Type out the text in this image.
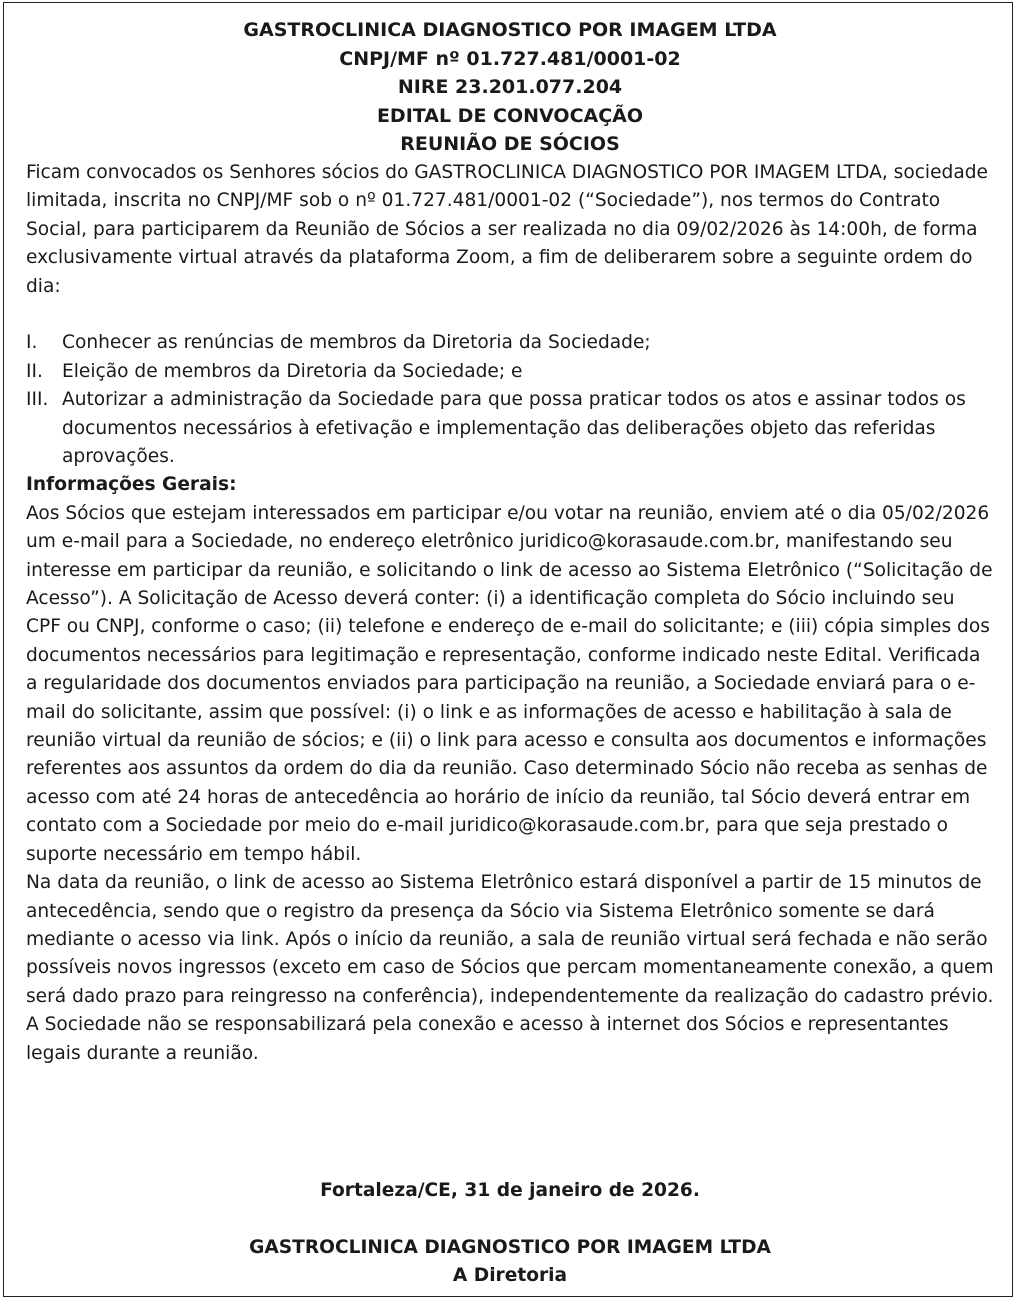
GASTROCLINICA DIAGNOSTICO POR IMAGEM LTDA
CNPJ/MF nº 01.727.481/0001-02
NIRE 23.201.077.204
EDITAL DE CONVOCAÇÃO
REUNIÃO DE SÓCIOS

Ficam convocados os Senhores sócios do GASTROCLINICA DIAGNOSTICO POR IMAGEM LTDA, sociedade limitada, inscrita no CNPJ/MF sob o nº 01.727.481/0001-02 (“Sociedade”), nos termos do Contrato Social, para participarem da Reunião de Sócios a ser realizada no dia 09/02/2026 às 14:00h, de forma exclusivamente virtual através da plataforma Zoom, a fim de deliberarem sobre a seguinte ordem do dia:

I.	Conhecer as renúncias de membros da Diretoria da Sociedade;
II.	Eleição de membros da Diretoria da Sociedade; e
III. Autorizar a administração da Sociedade para que possa praticar todos os atos e assinar todos os documentos necessários à efetivação e implementação das deliberações objeto das referidas aprovações.

Informações Gerais:

Aos Sócios que estejam interessados em participar e/ou votar na reunião, enviem até o dia 05/02/2026 um e-mail para a Sociedade, no endereço eletrônico juridico@korasaude.com.br, manifestando seu interesse em participar da reunião, e solicitando o link de acesso ao Sistema Eletrônico (“Solicitação de Acesso”). A Solicitação de Acesso deverá conter: (i) a identificação completa do Sócio incluindo seu CPF ou CNPJ, conforme o caso; (ii) telefone e endereço de e-mail do solicitante; e (iii) cópia simples dos documentos necessários para legitimação e representação, conforme indicado neste Edital. Verificada a regularidade dos documentos enviados para participação na reunião, a Sociedade enviará para o e-mail do solicitante, assim que possível: (i) o link e as informações de acesso e habilitação à sala de reunião virtual da reunião de sócios; e (ii) o link para acesso e consulta aos documentos e informações referentes aos assuntos da ordem do dia da reunião. Caso determinado Sócio não receba as senhas de acesso com até 24 horas de antecedência ao horário de início da reunião, tal Sócio deverá entrar em contato com a Sociedade por meio do e-mail juridico@korasaude.com.br, para que seja prestado o suporte necessário em tempo hábil.

Na data da reunião, o link de acesso ao Sistema Eletrônico estará disponível a partir de 15 minutos de antecedência, sendo que o registro da presença da Sócio via Sistema Eletrônico somente se dará mediante o acesso via link. Após o início da reunião, a sala de reunião virtual será fechada e não serão possíveis novos ingressos (exceto em caso de Sócios que percam momentaneamente conexão, a quem será dado prazo para reingresso na conferência), independentemente da realização do cadastro prévio. A Sociedade não se responsabilizará pela conexão e acesso à internet dos Sócios e representantes legais durante a reunião.

Fortaleza/CE, 31 de janeiro de 2026.
GASTROCLINICA DIAGNOSTICO POR IMAGEM LTDA
A Diretoria
